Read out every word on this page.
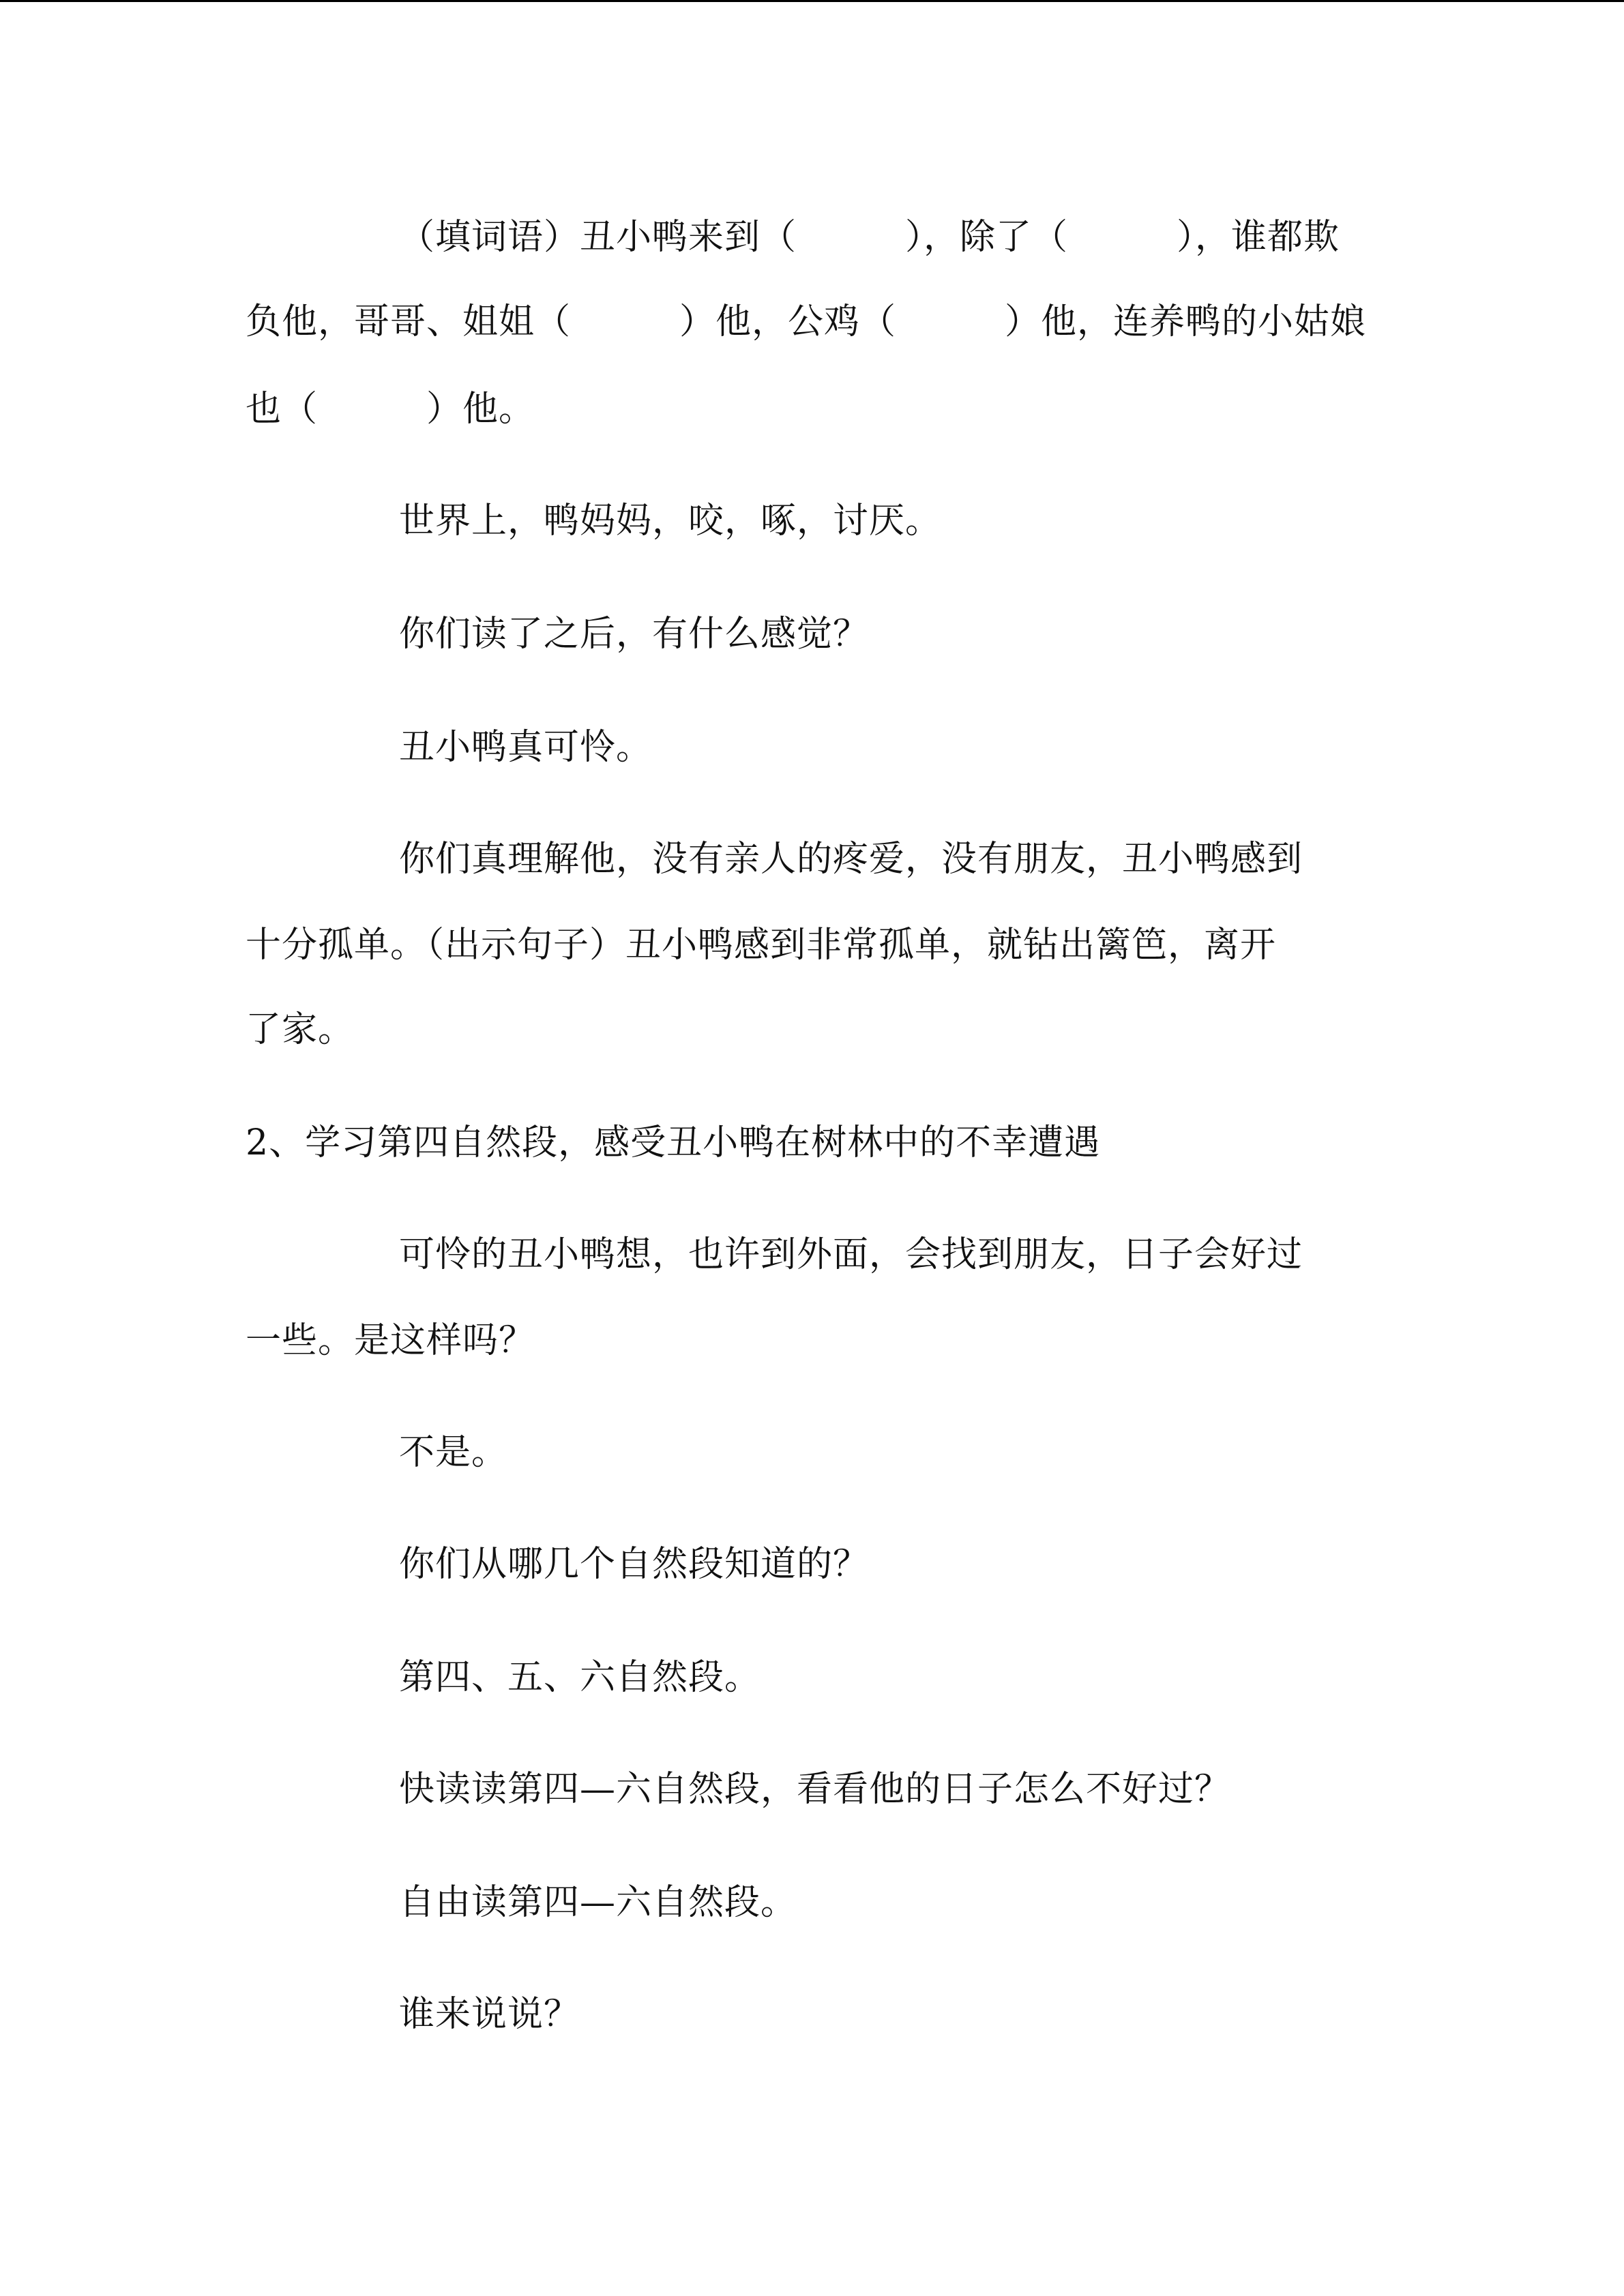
（填词语）丑小鸭来到（　　　），除了（　　　），谁都欺
负他，哥哥、姐姐（　　　）他，公鸡（　　　）他，连养鸭的小姑娘
也（　　　）他。
世界上，鸭妈妈，咬，啄，讨厌。
你们读了之后，有什么感觉？
丑小鸭真可怜。
你们真理解他，没有亲人的疼爱，没有朋友，丑小鸭感到
十分孤单。（出示句子）丑小鸭感到非常孤单，就钻出篱笆，离开
了家。
2、学习第四自然段，感受丑小鸭在树林中的不幸遭遇
可怜的丑小鸭想，也许到外面，会找到朋友，日子会好过
一些。是这样吗？
不是。
你们从哪几个自然段知道的？
第四、五、六自然段。
快读读第四—六自然段，看看他的日子怎么不好过？
自由读第四—六自然段。
谁来说说？
